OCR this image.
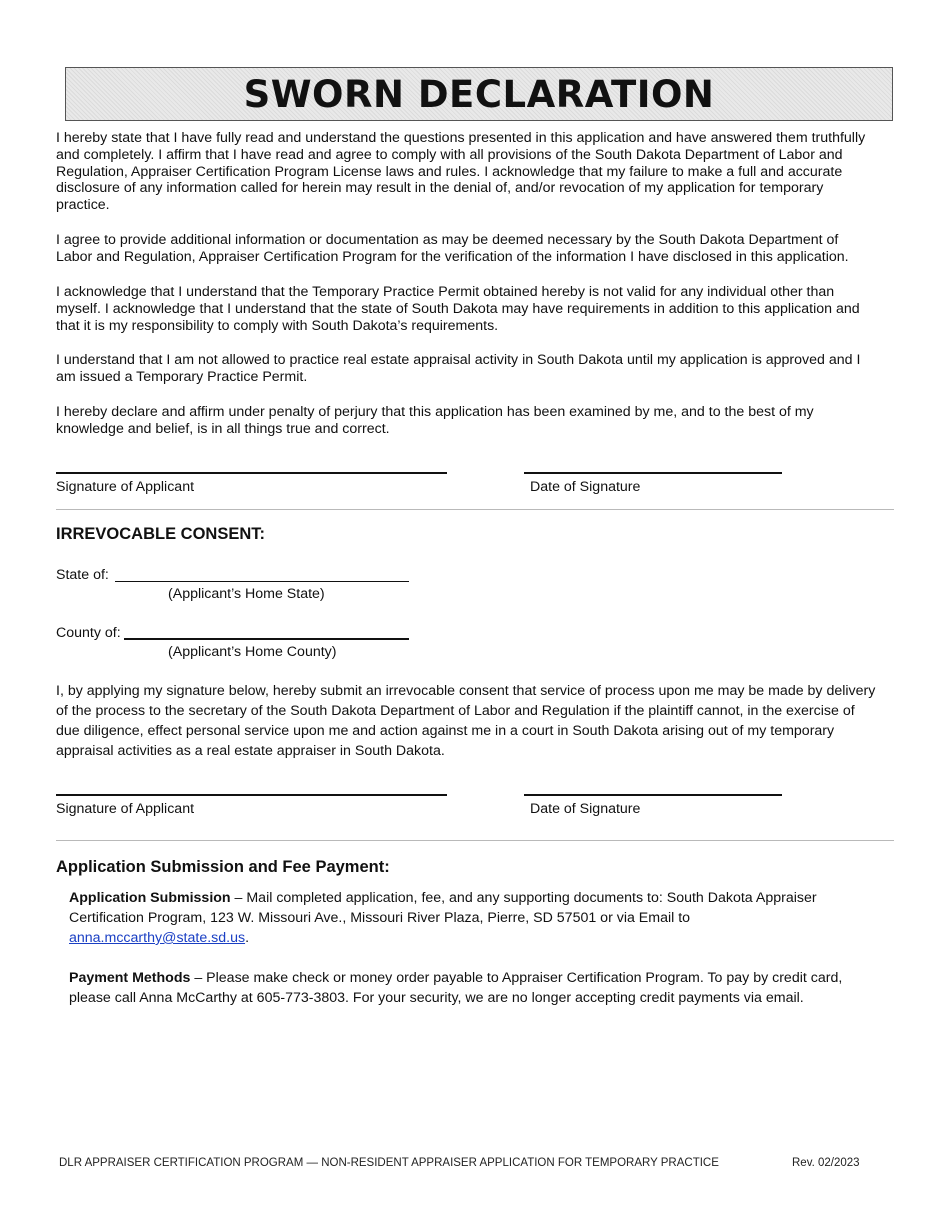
SWORN DECLARATION

I hereby state that I have fully read and understand the questions presented in this application and have answered them truthfully and completely. I affirm that I have read and agree to comply with all provisions of the South Dakota Department of Labor and Regulation, Appraiser Certification Program License laws and rules. I acknowledge that my failure to make a full and accurate disclosure of any information called for herein may result in the denial of, and/or revocation of my application for temporary practice.

I agree to provide additional information or documentation as may be deemed necessary by the South Dakota Department of Labor and Regulation, Appraiser Certification Program for the verification of the information I have disclosed in this application.

I acknowledge that I understand that the Temporary Practice Permit obtained hereby is not valid for any individual other than myself. I acknowledge that I understand that the state of South Dakota may have requirements in addition to this application and that it is my responsibility to comply with South Dakota’s requirements.

I understand that I am not allowed to practice real estate appraisal activity in South Dakota until my application is approved and I am issued a Temporary Practice Permit.

I hereby declare and affirm under penalty of perjury that this application has been examined by me, and to the best of my knowledge and belief, is in all things true and correct.

Signature of Applicant	Date of Signature

IRREVOCABLE CONSENT:

State of:

(Applicant’s Home State)

County of:

(Applicant’s Home County)

I, by applying my signature below, hereby submit an irrevocable consent that service of process upon me may be made by delivery of the process to the secretary of the South Dakota Department of Labor and Regulation if the plaintiff cannot, in the exercise of due diligence, effect personal service upon me and action against me in a court in South Dakota arising out of my temporary appraisal activities as a real estate appraiser in South Dakota.

Signature of Applicant	Date of Signature

Application Submission and Fee Payment:

Application Submission – Mail completed application, fee, and any supporting documents to: South Dakota Appraiser Certification Program, 123 W. Missouri Ave., Missouri River Plaza, Pierre, SD 57501 or via Email to anna.mccarthy@state.sd.us.

Payment Methods – Please make check or money order payable to Appraiser Certification Program. To pay by credit card, please call Anna McCarthy at 605-773-3803. For your security, we are no longer accepting credit payments via email.

DLR APPRAISER CERTIFICATION PROGRAM — NON-RESIDENT APPRAISER APPLICATION FOR TEMPORARY PRACTICE	Rev. 02/2023
